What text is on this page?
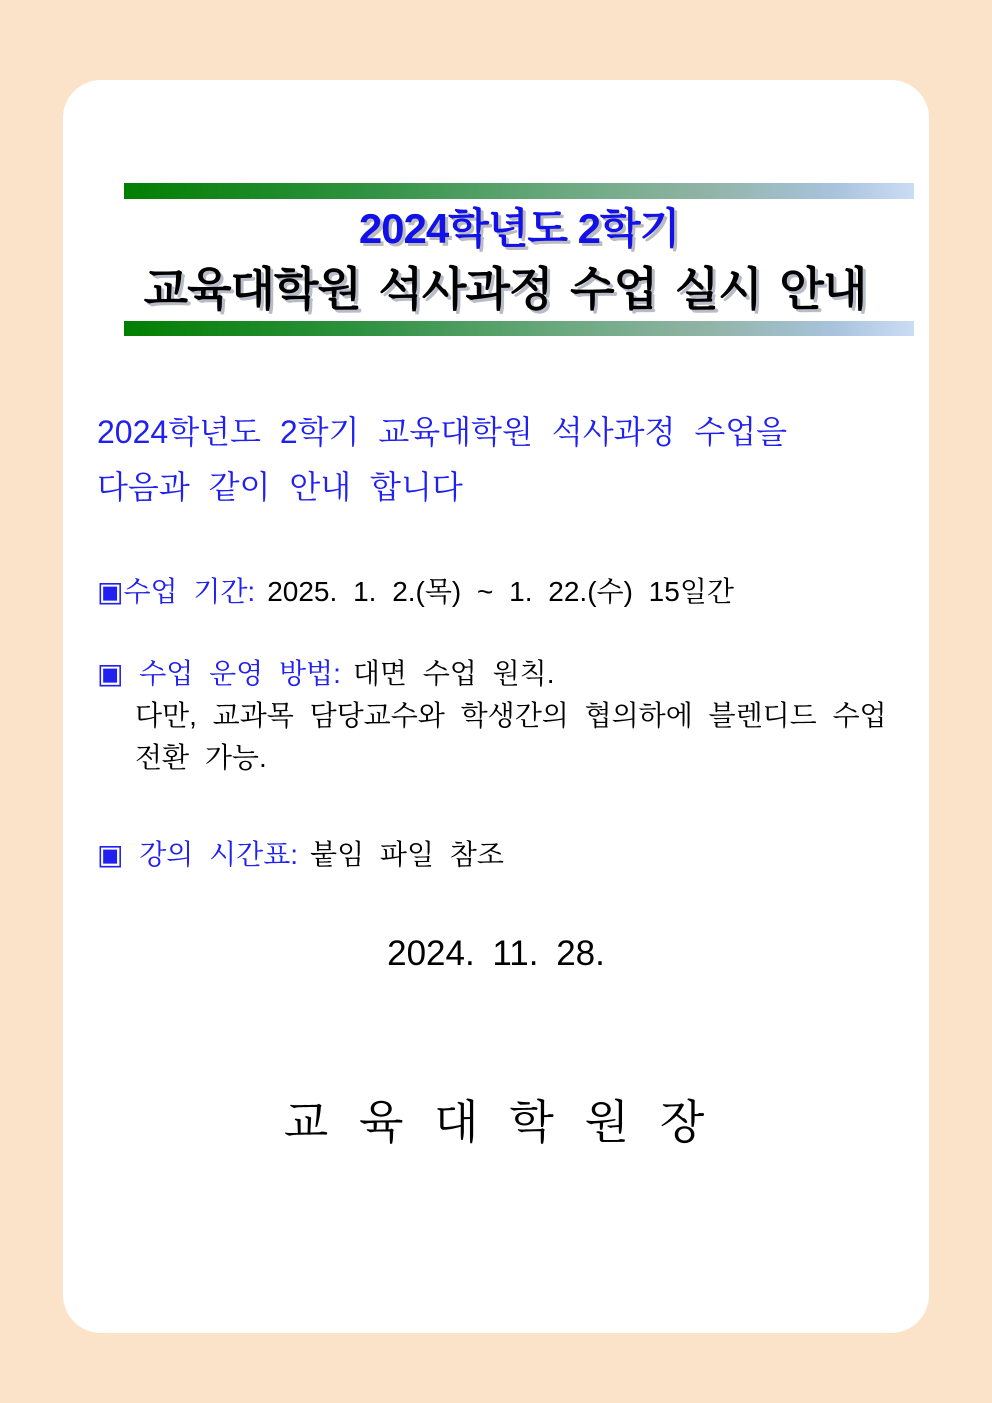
2024학년도 2학기
교육대학원 석사과정 수업 실시 안내
2024학년도 2학기 교육대학원 석사과정 수업을
다음과 같이 안내 합니다
▣수업 기간: 2025. 1. 2.(목) ~ 1. 22.(수) 15일간
▣ 수업 운영 방법: 대면 수업 원칙.
다만, 교과목 담당교수와 학생간의 협의하에 블렌디드 수업
전환 가능.
▣ 강의 시간표: 붙임 파일 참조
2024. 11. 28.
교 육 대 학 원 장
